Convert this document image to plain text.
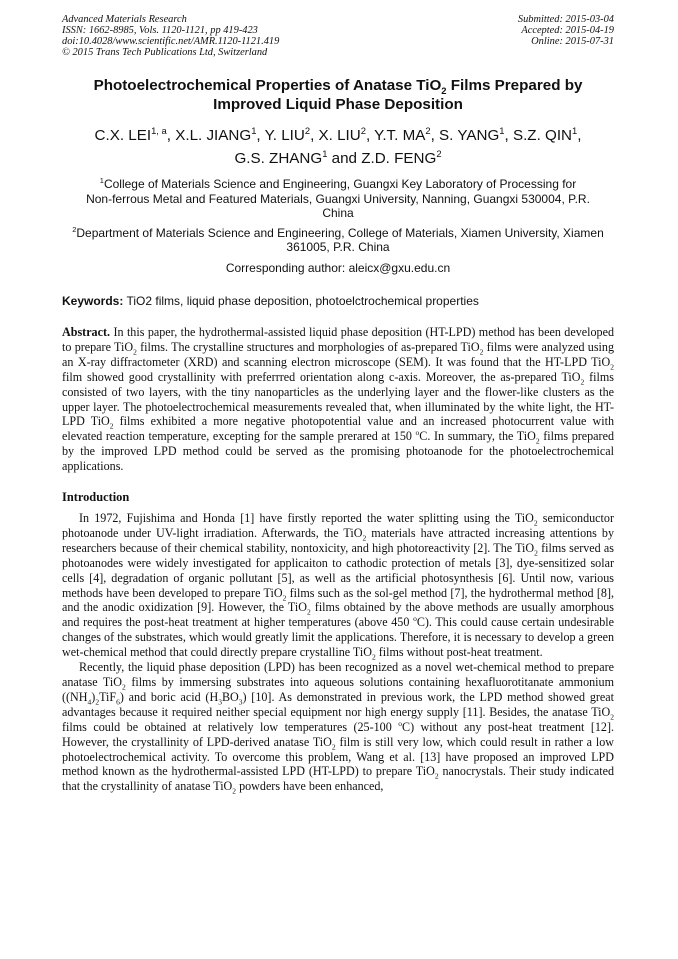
Advanced Materials Research
ISSN: 1662-8985, Vols. 1120-1121, pp 419-423
doi:10.4028/www.scientific.net/AMR.1120-1121.419
© 2015 Trans Tech Publications Ltd, Switzerland
Submitted: 2015-03-04
Accepted: 2015-04-19
Online: 2015-07-31
Photoelectrochemical Properties of Anatase TiO$_2$ Films Prepared by
Improved Liquid Phase Deposition
C.X. LEI$^{1, a}$, X.L. JIANG$^1$, Y. LIU$^2$, X. LIU$^2$, Y.T. $MA^2$, S. YANG$^1$, S.Z. QIN$^1$,
G.S. ZHANG$^1$ and Z.D. FENG$^2$
$^1$College of Materials Science and Engineering, Guangxi Key Laboratory of Processing for
Non-ferrous Metal and Featured Materials, Guangxi University, Nanning, Guangxi 530004, P.R.
China
$^2$Department of Materials Science and Engineering, College of Materials, Xiamen University, Xiamen
361005, P.R. China
Corresponding author: aleicx@gxu.edu.cn
Keywords: TiO2 films, liquid phase deposition, photoelctrochemical properties
Abstract. In this paper, the hydrothermal-assisted liquid phase deposition (HT-LPD) method has been developed to prepare TiO$_2$ films. The crystalline structures and morphologies of as-prepared TiO$_2$ films were analyzed using an X-ray diffractometer (XRD) and scanning electron microscope (SEM). It was found that the HT-LPD TiO$_2$ film showed good crystallinity with preferrred orientation along c-axis. Moreover, the as-prepared TiO$_2$ films consisted of two layers, with the tiny nanoparticles as the underlying layer and the flower-like clusters as the upper layer. The photoelectrochemical measurements revealed that, when illuminated by the white light, the HT-LPD TiO$_2$ films exhibited a more negative photopotential value and an increased photocurrent value with elevated reaction temperature, excepting for the sample prerared at 150 $^o$C. In summary, the TiO$_2$ films prepared by the improved LPD method could be served as the promising photoanode for the photoelectrochemical applications.
Introduction
In 1972, Fujishima and Honda [1] have firstly reported the water splitting using the TiO$_2$ semiconductor photoanode under UV-light irradiation. Afterwards, the TiO$_2$ materials have attracted increasing attentions by researchers because of their chemical stability, nontoxicity, and high photoreactivity [2]. The TiO$_2$ films served as photoanodes were widely investigated for applicaiton to cathodic protection of metals [3], dye-sensitized solar cells [4], degradation of organic pollutant [5], as well as the artificial photosynthesis [6]. Until now, various methods have been developed to prepare TiO$_2$ films such as the sol-gel method [7], the hydrothermal method [8], and the anodic oxidization [9]. However, the TiO$_2$ films obtained by the above methods are usually amorphous and requires the post-heat treatment at higher temperatures (above 450 $^o$C). This could cause certain undesirable changes of the substrates, which would greatly limit the applications. Therefore, it is necessary to develop a green wet-chemical method that could directly prepare crystalline TiO$_2$ films without post-heat treatment.
Recently, the liquid phase deposition (LPD) has been recognized as a novel wet-chemical method to prepare anatase TiO$_2$ films by immersing substrates into aqueous solutions containing hexafluorotitanate ammonium $((NH_4)_2TiF_6)$ and boric acid $(H_3BO_3)$ [10]. As demonstrated in previous work, the LPD method showed great advantages because it required neither special equipment nor high energy supply [11]. Besides, the anatase TiO$_2$ films could be obtained at relatively low temperatures (25-100 $^o$C) without any post-heat treatment [12]. However, the crystallinity of LPD-derived anatase TiO$_2$ film is still very low, which could result in rather a low photoelectrochemical activity. To overcome this problem, Wang et al. [13] have proposed an improved LPD method known as the hydrothermal-assisted LPD (HT-LPD) to prepare TiO$_2$ nanocrystals. Their study indicated that the crystallinity of anatase TiO$_2$ powders have been enhanced,
